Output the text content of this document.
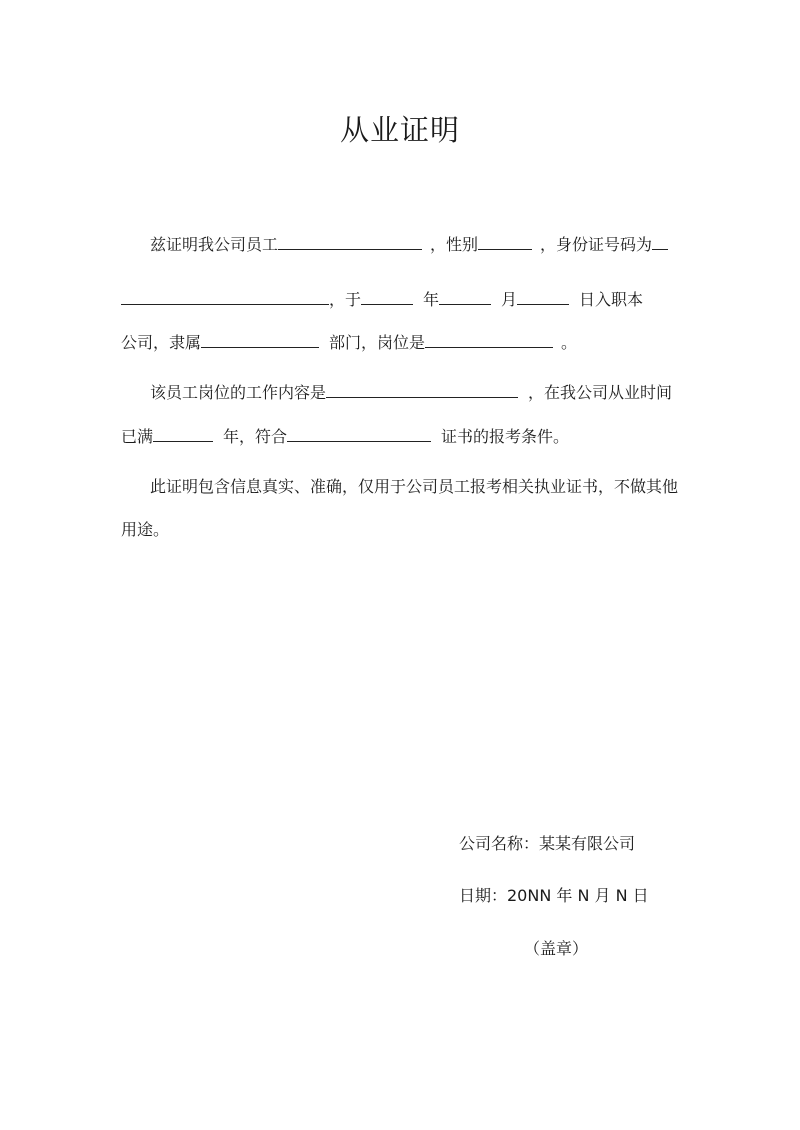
从业证明
兹证明我公司员工	，性别	，身份证号码为
，于	年	月	日入职本
公司，隶属	部门，岗位是	。
该员工岗位的工作内容是	，在我公司从业时间
已满	年，符合	证书的报考条件。
此证明包含信息真实、准确，仅用于公司员工报考相关执业证书，不做其他
用途。
公司名称：某某有限公司
日期：20NN 年 N 月 N 日
（盖章）
